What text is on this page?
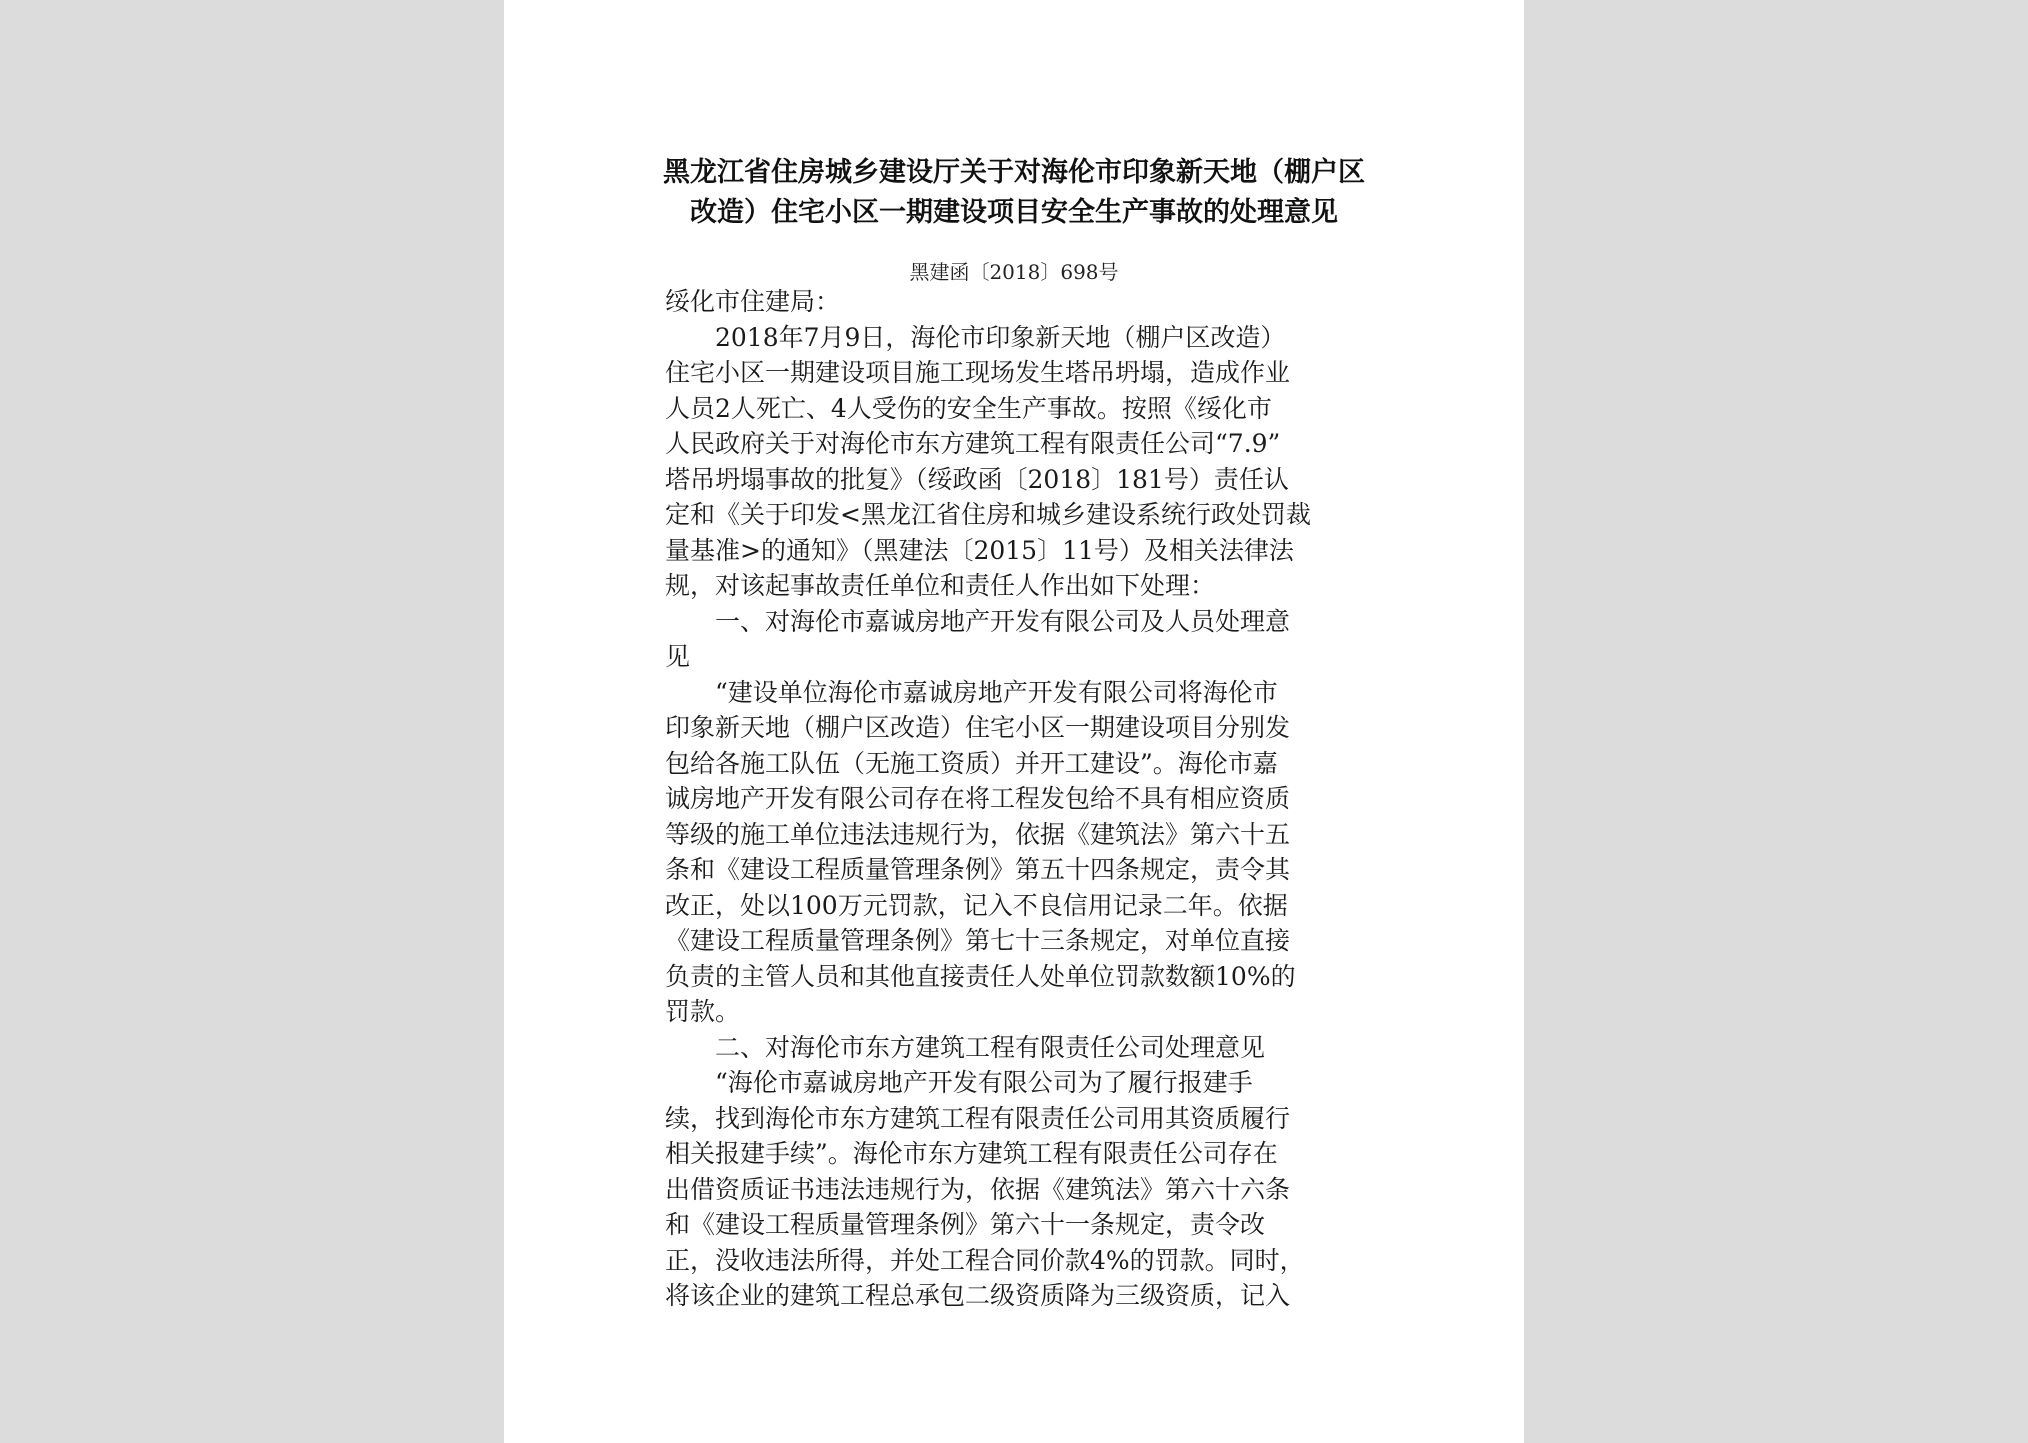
黑龙江省住房城乡建设厅关于对海伦市印象新天地（棚户区
改造）住宅小区一期建设项目安全生产事故的处理意见
黑建函〔2018〕698号
绥化市住建局：
2018年7月9日，海伦市印象新天地（棚户区改造）
住宅小区一期建设项目施工现场发生塔吊坍塌，造成作业
人员2人死亡、4人受伤的安全生产事故。按照《绥化市
人民政府关于对海伦市东方建筑工程有限责任公司“7.9”
塔吊坍塌事故的批复》（绥政函〔2018〕181号）责任认
定和《关于印发<黑龙江省住房和城乡建设系统行政处罚裁
量基准>的通知》（黑建法〔2015〕11号）及相关法律法
规，对该起事故责任单位和责任人作出如下处理：
一、对海伦市嘉诚房地产开发有限公司及人员处理意
见
“建设单位海伦市嘉诚房地产开发有限公司将海伦市
印象新天地（棚户区改造）住宅小区一期建设项目分别发
包给各施工队伍（无施工资质）并开工建设”。海伦市嘉
诚房地产开发有限公司存在将工程发包给不具有相应资质
等级的施工单位违法违规行为，依据《建筑法》第六十五
条和《建设工程质量管理条例》第五十四条规定，责令其
改正，处以100万元罚款，记入不良信用记录二年。依据
《建设工程质量管理条例》第七十三条规定，对单位直接
负责的主管人员和其他直接责任人处单位罚款数额10%的
罚款。
二、对海伦市东方建筑工程有限责任公司处理意见
“海伦市嘉诚房地产开发有限公司为了履行报建手
续，找到海伦市东方建筑工程有限责任公司用其资质履行
相关报建手续”。海伦市东方建筑工程有限责任公司存在
出借资质证书违法违规行为，依据《建筑法》第六十六条
和《建设工程质量管理条例》第六十一条规定，责令改
正，没收违法所得，并处工程合同价款4%的罚款。同时，
将该企业的建筑工程总承包二级资质降为三级资质，记入
